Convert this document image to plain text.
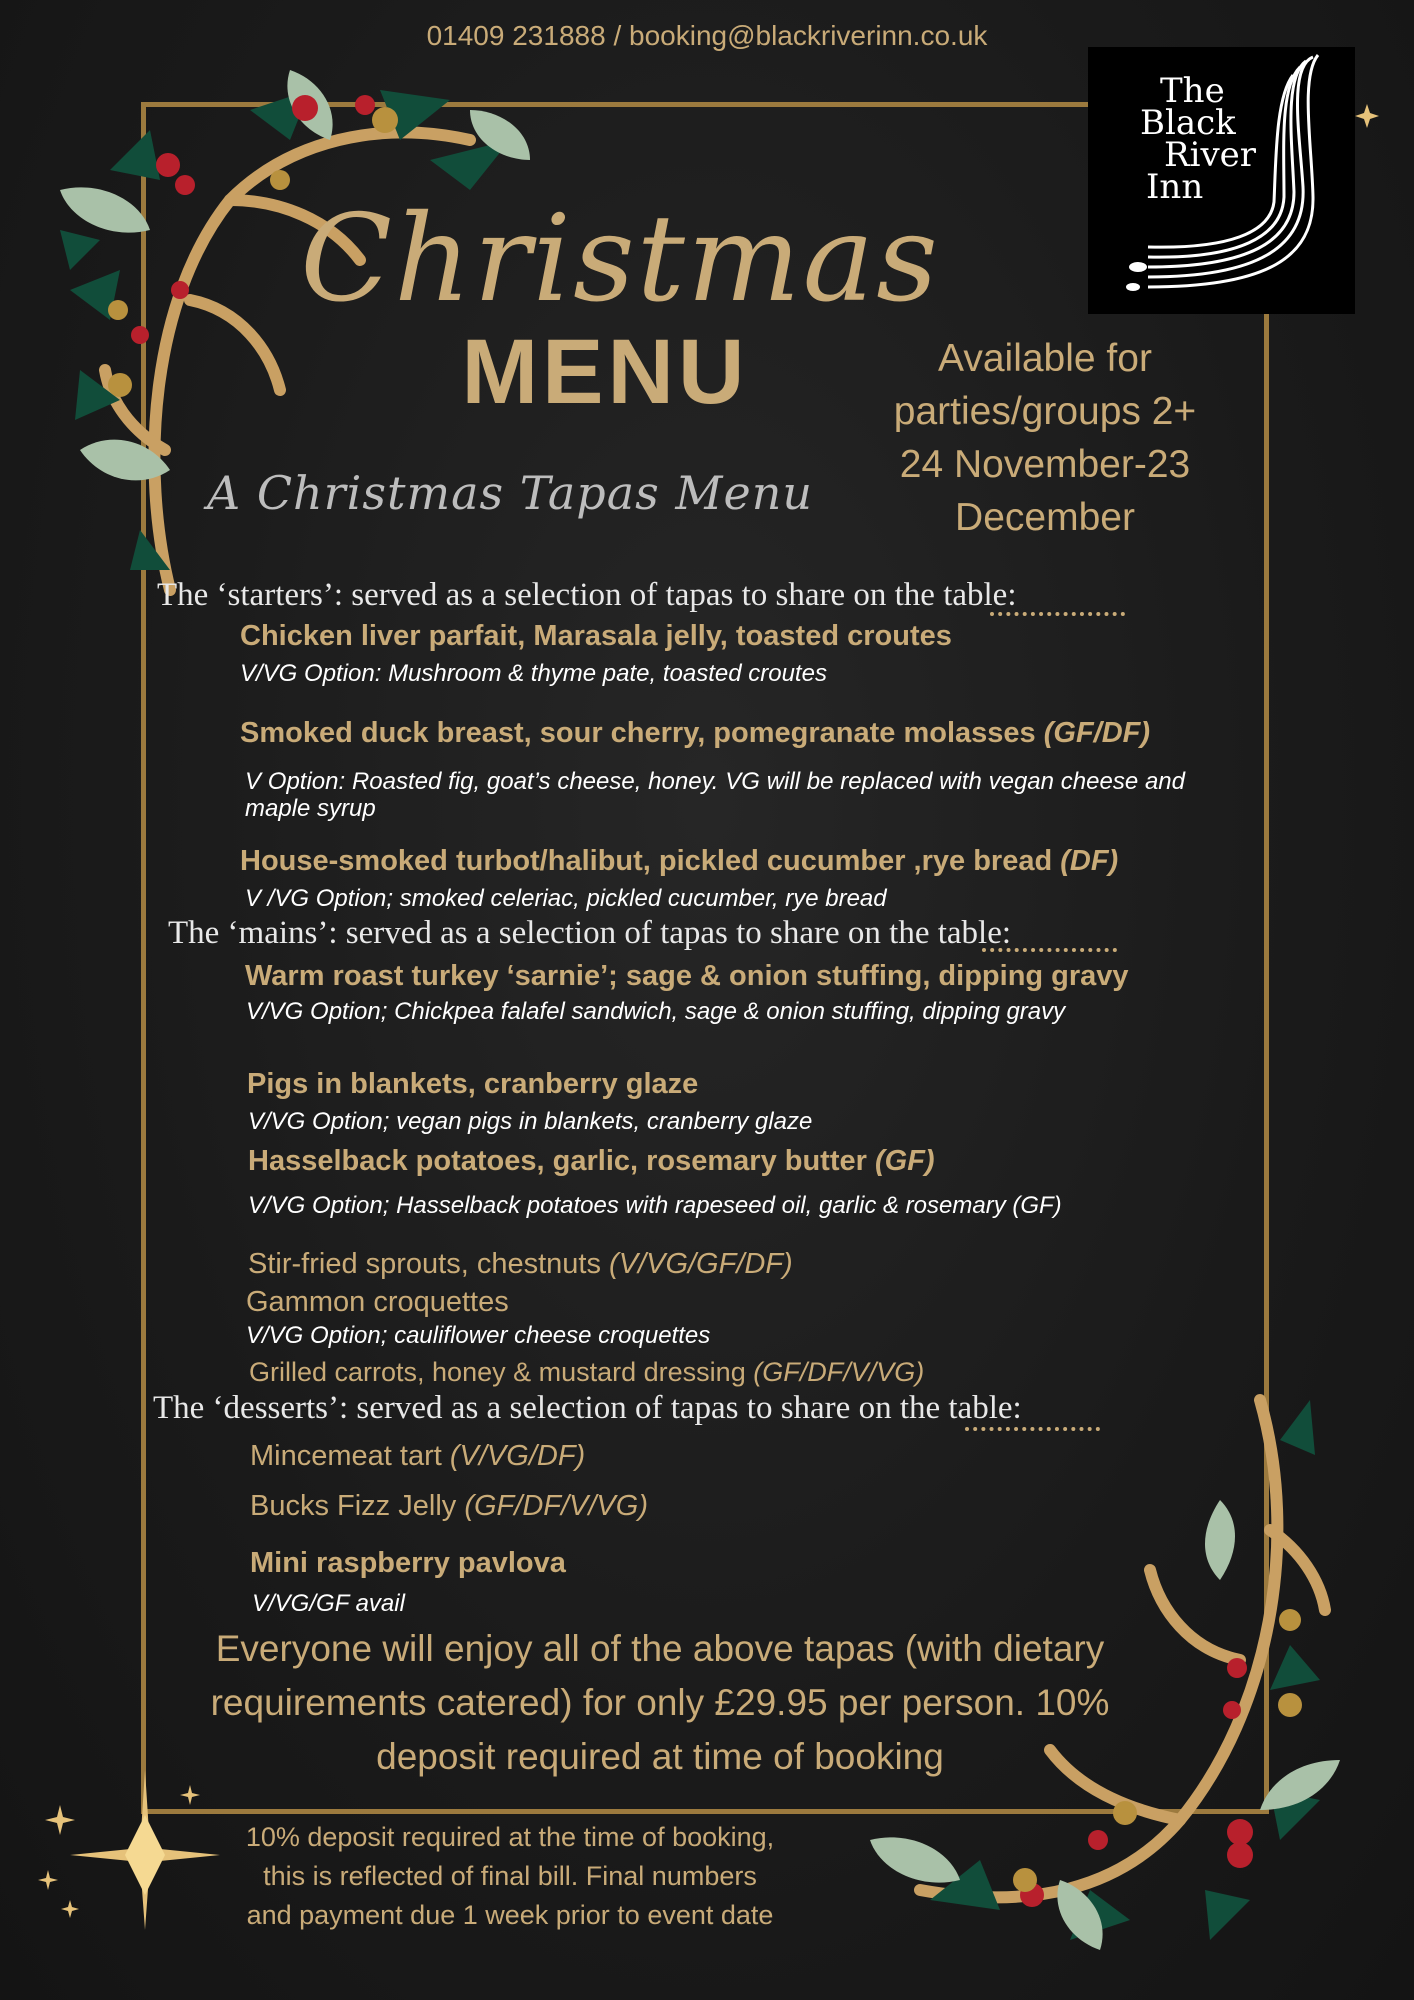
01409 231888 / booking@blackriverinn.co.uk
The
Black
River
Inn
Christmas
MENU
A Christmas Tapas Menu
Available for
parties/groups 2+
24 November-23
December
The ‘starters’: served as a selection of tapas to share on the table:
Chicken liver parfait, Marasala jelly, toasted croutes
V/VG Option: Mushroom & thyme pate, toasted croutes
Smoked duck breast, sour cherry, pomegranate molasses (GF/DF)
V Option: Roasted fig, goat’s cheese, honey. VG will be replaced with vegan cheese and maple syrup
House-smoked turbot/halibut, pickled cucumber ,rye bread (DF)
V /VG Option; smoked celeriac, pickled cucumber, rye bread
The ‘mains’: served as a selection of tapas to share on the table:
Warm roast turkey ‘sarnie’; sage & onion stuffing, dipping gravy
V/VG Option; Chickpea falafel sandwich, sage & onion stuffing, dipping gravy
Pigs in blankets, cranberry glaze
V/VG Option; vegan pigs in blankets, cranberry glaze
Hasselback potatoes, garlic, rosemary butter (GF)
V/VG Option; Hasselback potatoes with rapeseed oil, garlic & rosemary (GF)
Stir-fried sprouts, chestnuts (V/VG/GF/DF)
Gammon croquettes
V/VG Option; cauliflower cheese croquettes
Grilled carrots, honey & mustard dressing (GF/DF/V/VG)
The ‘desserts’: served as a selection of tapas to share on the table:
Mincemeat tart (V/VG/DF)
Bucks Fizz Jelly (GF/DF/V/VG)
Mini raspberry pavlova
V/VG/GF avail
Everyone will enjoy all of the above tapas (with dietary
requirements catered) for only £29.95 per person. 10%
deposit required at time of booking
10% deposit required at the time of booking,
this is reflected of final bill. Final numbers
and payment due 1 week prior to event date
